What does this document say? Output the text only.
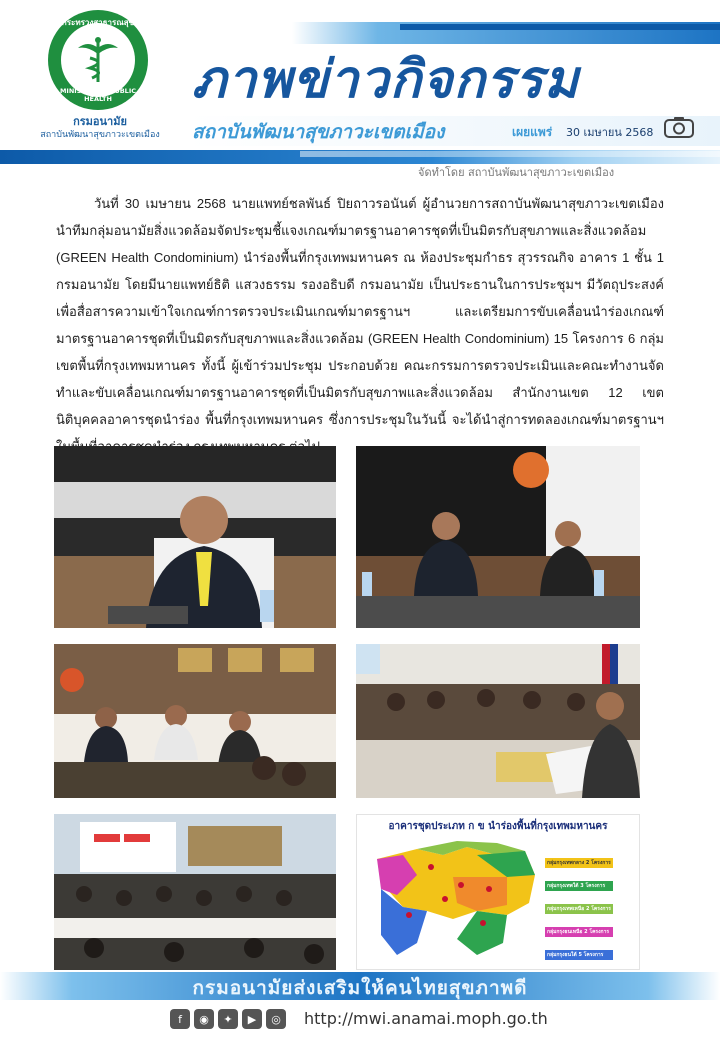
กระทรวงสาธารณสุข
MINISTRY OF PUBLIC HEALTH
กรมอนามัย
สถาบันพัฒนาสุขภาวะเขตเมือง
ภาพข่าวกิจกรรม
สถาบันพัฒนาสุขภาวะเขตเมือง	เผยแพร่ 30 เมษายน 2568
จัดทำโดย สถาบันพัฒนาสุขภาวะเขตเมือง
วันที่ 30 เมษายน 2568 นายแพทย์ชลพันธ์ ปิยถาวรอนันต์ ผู้อำนวยการสถาบันพัฒนาสุขภาวะเขตเมือง นำทีมกลุ่มอนามัยสิ่งแวดล้อมจัดประชุมชี้แจงเกณฑ์มาตรฐานอาคารชุดที่เป็นมิตรกับสุขภาพและสิ่งแวดล้อม (GREEN Health Condominium) นำร่องพื้นที่กรุงเทพมหานคร ณ ห้องประชุมกำธร สุวรรณกิจ อาคาร 1 ชั้น 1 กรมอนามัย โดยมีนายแพทย์ธิติ แสวงธรรม รองอธิบดี กรมอนามัย เป็นประธานในการประชุมฯ มีวัตถุประสงค์เพื่อสื่อสารความเข้าใจเกณฑ์การตรวจประเมินเกณฑ์มาตรฐานฯ และเตรียมการขับเคลื่อนนำร่องเกณฑ์มาตรฐานอาคารชุดที่เป็นมิตรกับสุขภาพและสิ่งแวดล้อม (GREEN Health Condominium) 15 โครงการ 6 กลุ่มเขตพื้นที่กรุงเทพมหานคร ทั้งนี้ ผู้เข้าร่วมประชุม ประกอบด้วย คณะกรรมการตรวจประเมินและคณะทำงานจัดทำและขับเคลื่อนเกณฑ์มาตรฐานอาคารชุดที่เป็นมิตรกับสุขภาพและสิ่งแวดล้อม สำนักงานเขต 12 เขต นิติบุคคลอาคารชุดนำร่อง พื้นที่กรุงเทพมหานคร ซึ่งการประชุมในวันนี้ จะได้นำสู่การทดลองเกณฑ์มาตรฐานฯ
อาคารชุดประเภท ก ข นำร่องพื้นที่กรุงเทพมหานคร
กลุ่มกรุงเทพกลาง 2 โครงการ
กลุ่มกรุงเทพใต้ 3 โครงการ
กลุ่มกรุงเทพเหนือ 2 โครงการ
กลุ่มกรุงธนเหนือ 2 โครงการ
กลุ่มกรุงธนใต้ 5 โครงการ
กรมอนามัยส่งเสริมให้คนไทยสุขภาพดี
f	◉	✦	▶	◎	http://mwi.anamai.moph.go.th
